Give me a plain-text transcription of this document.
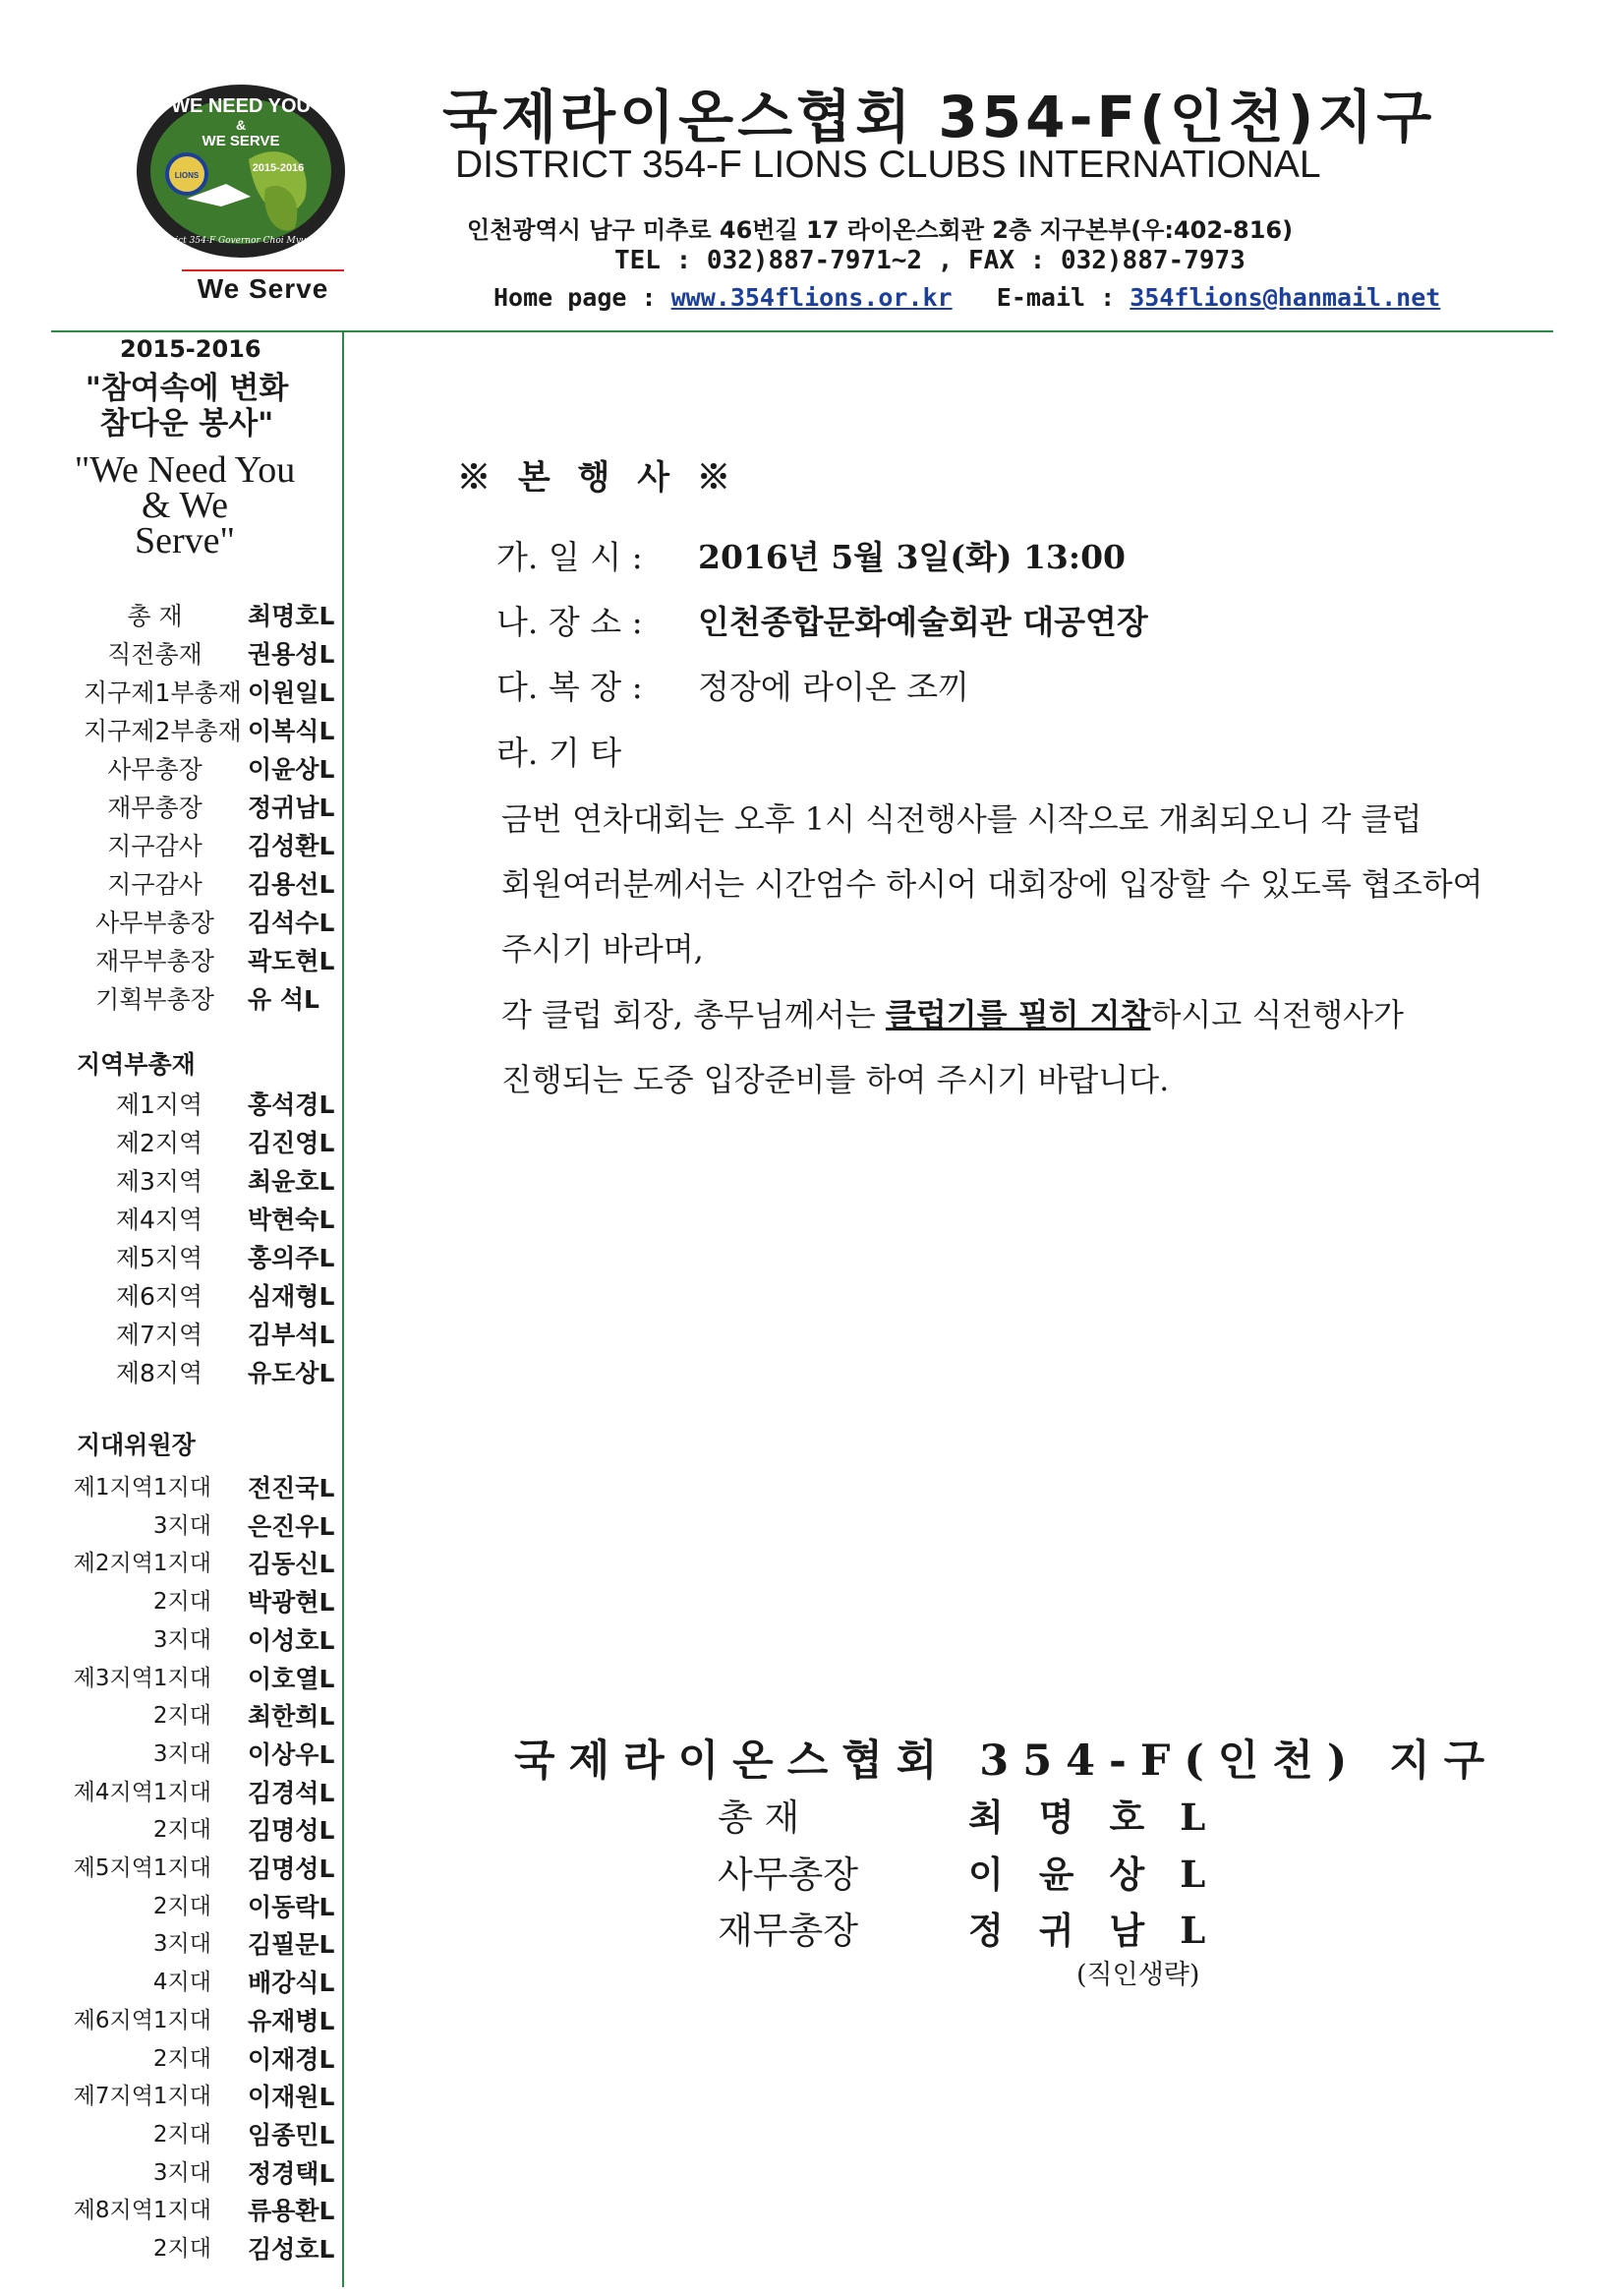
WE NEED YOU
&
WE SERVE
2015-2016
LIONS
District 354-F Governor Choi Myungho
We Serve
국제라이온스협회 354-F(인천)지구
DISTRICT 354-F LIONS CLUBS INTERNATIONAL
인천광역시 남구 미추로 46번길 17 라이온스회관 2층 지구본부(우:402-816)
TEL : 032)887-7971~2 , FAX : 032)887-7973
Home page : www.354flions.or.kr E-mail : 354flions@hanmail.net
2015-2016
"참여속에 변화
참다운 봉사"
"We Need You
& We
Serve"
총 재	최명호L
직전총재	권용성L
지구제1부총재 이원일L
지구제2부총재 이복식L
사무총장	이윤상L
재무총장	정귀남L
지구감사	김성환L
지구감사	김용선L
사무부총장	김석수L
재무부총장	곽도현L
기획부총장	유 석L
지역부총재
제1지역 홍석경L
제2지역 김진영L
제3지역 최윤호L
제4지역 박현숙L
제5지역 홍의주L
제6지역 심재형L
제7지역 김부석L
제8지역 유도상L
지대위원장
제1지역1지대 전진국L
3지대 은진우L
제2지역1지대 김동신L
2지대 박광현L
3지대 이성호L
제3지역1지대 이호열L
2지대 최한희L
3지대 이상우L
제4지역1지대 김경석L
2지대 김명성L
제5지역1지대 김명성L
2지대 이동락L
3지대 김필문L
4지대 배강식L
제6지역1지대 유재병L
2지대 이재경L
제7지역1지대 이재원L
2지대 임종민L
3지대 정경택L
제8지역1지대 류용환L
2지대 김성호L
※ 본 행 사 ※
가. 일 시 : 2016년 5월 3일(화) 13:00
나. 장 소 : 인천종합문화예술회관 대공연장
다. 복 장 : 정장에 라이온 조끼
라. 기 타
금번 연차대회는 오후 1시 식전행사를 시작으로 개최되오니 각 클럽
회원여러분께서는 시간엄수 하시어 대회장에 입장할 수 있도록 협조하여
주시기 바라며,
각 클럽 회장, 총무님께서는 클럽기를 필히 지참하시고 식전행사가
진행되는 도중 입장준비를 하여 주시기 바랍니다.
국제라이온스협회 354-F(인천) 지구
총 재	최명호L
사무총장	이윤상L
재무총장	정귀남L
(직인생략)
